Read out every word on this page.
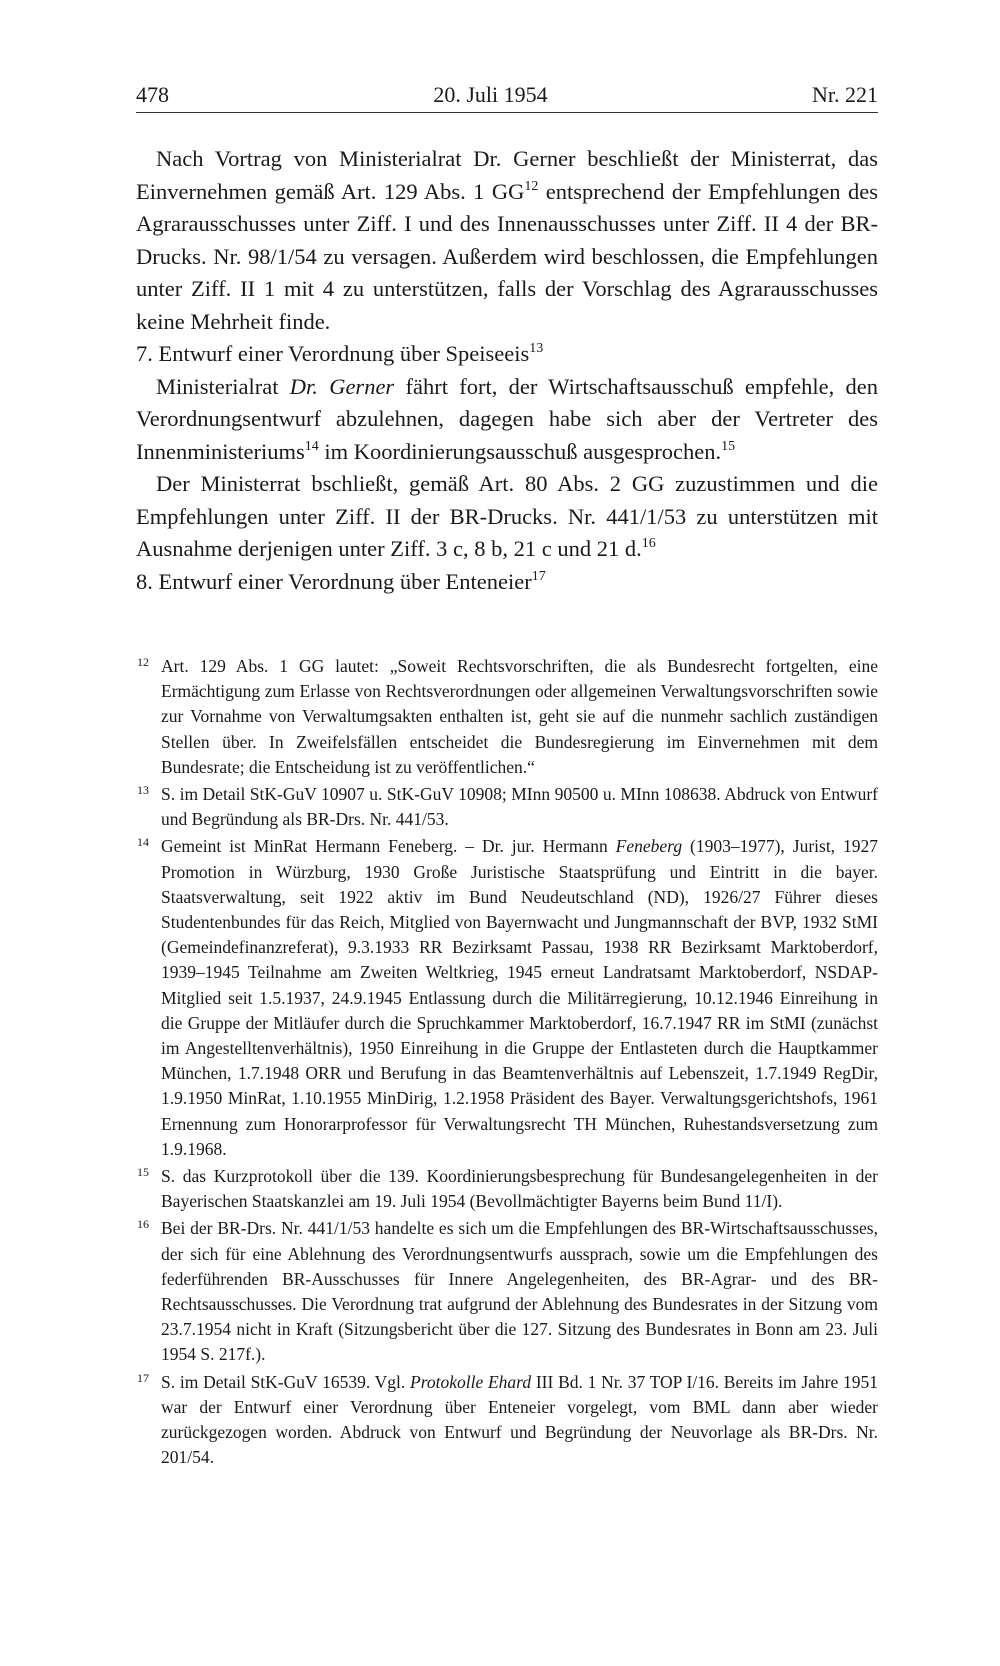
478	20. Juli 1954	Nr. 221

Nach Vortrag von Ministerialrat Dr. Gerner beschließt der Ministerrat, das Einvernehmen gemäß Art. 129 Abs. 1 GG$^{12}$ entsprechend der Empfehlungen des Agrarausschusses unter Ziff. I und des Innenausschusses unter Ziff. II 4 der BR-Drucks. Nr. 98/1/54 zu versagen. Außerdem wird beschlossen, die Empfehlungen unter Ziff. II 1 mit 4 zu unterstützen, falls der Vorschlag des Agrarausschusses keine Mehrheit finde.

7. Entwurf einer Verordnung über Speiseeis$^{13}$

Ministerialrat Dr. Gerner fährt fort, der Wirtschaftsausschuß empfehle, den Verordnungsentwurf abzulehnen, dagegen habe sich aber der Vertreter des Innenministeriums$^{14}$ im Koordinierungsausschuß ausgesprochen.$^{15}$

Der Ministerrat bschließt, gemäß Art. 80 Abs. 2 GG zuzustimmen und die Empfehlungen unter Ziff. II der BR-Drucks. Nr. 441/1/53 zu unterstützen mit Ausnahme derjenigen unter Ziff. 3 c, 8 b, 21 c und 21 d.$^{16}$

8. Entwurf einer Verordnung über Enteneier$^{17}$

12 Art. 129 Abs. 1 GG lautet: „Soweit Rechtsvorschriften, die als Bundesrecht fortgelten, eine Ermächtigung zum Erlasse von Rechtsverordnungen oder allgemeinen Verwaltungsvorschriften sowie zur Vornahme von Verwaltumgsakten enthalten ist, geht sie auf die nunmehr sachlich zuständigen Stellen über. In Zweifelsfällen entscheidet die Bundesregierung im Einvernehmen mit dem Bundesrate; die Entscheidung ist zu veröffentlichen.“
13 S. im Detail StK-GuV 10907 u. StK-GuV 10908; MInn 90500 u. MInn 108638. Abdruck von Entwurf und Begründung als BR-Drs. Nr. 441/53.
14 Gemeint ist MinRat Hermann Feneberg. – Dr. jur. Hermann Feneberg (1903–1977), Jurist, 1927 Promotion in Würzburg, 1930 Große Juristische Staatsprüfung und Eintritt in die bayer. Staatsverwaltung, seit 1922 aktiv im Bund Neudeutschland (ND), 1926/27 Führer dieses Studentenbundes für das Reich, Mitglied von Bayernwacht und Jungmannschaft der BVP, 1932 StMI (Gemeindefinanzreferat), 9.3.1933 RR Bezirksamt Passau, 1938 RR Bezirksamt Marktoberdorf, 1939–1945 Teilnahme am Zweiten Weltkrieg, 1945 erneut Landratsamt Marktoberdorf, NSDAP-Mitglied seit 1.5.1937, 24.9.1945 Entlassung durch die Militärregierung, 10.12.1946 Einreihung in die Gruppe der Mitläufer durch die Spruchkammer Marktoberdorf, 16.7.1947 RR im StMI (zunächst im Angestelltenverhältnis), 1950 Einreihung in die Gruppe der Entlasteten durch die Hauptkammer München, 1.7.1948 ORR und Berufung in das Beamtenverhältnis auf Lebenszeit, 1.7.1949 RegDir, 1.9.1950 MinRat, 1.10.1955 MinDirig, 1.2.1958 Präsident des Bayer. Verwaltungsgerichtshofs, 1961 Ernennung zum Honorarprofessor für Verwaltungsrecht TH München, Ruhestandsversetzung zum 1.9.1968.
15 S. das Kurzprotokoll über die 139. Koordinierungsbesprechung für Bundesangelegenheiten in der Bayerischen Staatskanzlei am 19. Juli 1954 (Bevollmächtigter Bayerns beim Bund 11/I).
16 Bei der BR-Drs. Nr. 441/1/53 handelte es sich um die Empfehlungen des BR-Wirtschaftsausschusses, der sich für eine Ablehnung des Verordnungsentwurfs aussprach, sowie um die Empfehlungen des federführenden BR-Ausschusses für Innere Angelegenheiten, des BR-Agrar- und des BR-Rechtsausschusses. Die Verordnung trat aufgrund der Ablehnung des Bundesrates in der Sitzung vom 23.7.1954 nicht in Kraft (Sitzungsbericht über die 127. Sitzung des Bundesrates in Bonn am 23. Juli 1954 S. 217f.).
17 S. im Detail StK-GuV 16539. Vgl. Protokolle Ehard III Bd. 1 Nr. 37 TOP I/16. Bereits im Jahre 1951 war der Entwurf einer Verordnung über Enteneier vorgelegt, vom BML dann aber wieder zurückgezogen worden. Abdruck von Entwurf und Begründung der Neuvorlage als BR-Drs. Nr. 201/54.
